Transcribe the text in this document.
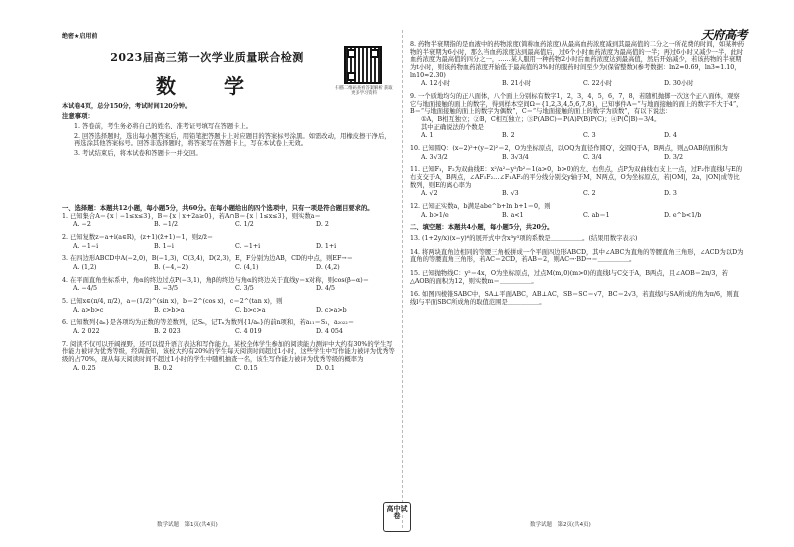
绝密★启用前
2023届高三第一次学业质量联合检测
数　学	扫描二维码查看答案解析 获取更多学习资料
本试卷4页，总分150分，考试时间120分钟。
注意事项：

1. 答卷前，考生务必将自己的姓名、准考证号填写在答题卡上。

2. 回答选择题时，选出每小题答案后，用铅笔把答题卡上对应题目的答案标号涂黑。如需改动，用橡皮擦干净后，再选涂其他答案标号。回答非选择题时，将答案写在答题卡上，写在本试卷上无效。

3. 考试结束后，将本试卷和答题卡一并交回。

一、选择题：本题共12小题，每小题5分，共60分。在每小题给出的四个选项中，只有一项是符合题目要求的。

1. 已知集合A＝{x｜−1≤x≤3}，B＝{x｜x+2a≥0}，若A∩B＝{x｜1≤x≤3}，则实数a＝

A. −2	B. −1/2	C. 1/2	D. 2

2. 已知复数z＝a+i(a∈R)，(z+1)(z̄+1)＝1，则z/z̄＝

A. −1−i	B. 1−i	C. −1+i	D. 1+i

3. 在四边形ABCD中A(−2,0)，B(−1,3)，C(3,4)，D(2,3)，E，F分别为边AB，CD的中点，则EF→＝

A. (1,2)	B. (−4,−2)	C. (4,1)	D. (4,2)

4. 在平面直角坐标系中，角α的终边过点P(−3,1)，角β的终边与角α的终边关于直线y＝x对称，则cos(β−α)＝

A. −4/5	B. −3/5	C. 3/5	D. 4/5

5. 已知x∈(π/4, π/2)，a＝(1/2)^(sin x)，b＝2^(cos x)，c＝2^(tan x)，则

A. a>b>c	B. c>b>a	C. b>c>a	D. c>a>b

6. 已知数列{aₙ}是各项均为正数的等差数列，记Sₙ，记Tₙ为数列{1/aₙ}的前n项和，若a₁₁＝S₁，a₂₀₂₂＝

A. 2 022	B. 2 023	C. 4 019	D. 4 054

7. 阅读不仅可以开阔视野，还可以提升语言表达和写作能力。某校全体学生参加的阅读能力测评中大约有30%的学生写作能力被评为优秀等级，经调查知，该校大约有20%的学生每天阅读时间超过1小时，这些学生中写作能力被评为优秀等级的占70%，现从每天阅读时间不超过1小时的学生中随机抽查一名，该生写作能力被评为优秀等级的概率为

A. 0.25	B. 0.2	C. 0.15	D. 0.1
数学试题　第1页(共4页)
天府高考

8. 药物半衰期指的是血液中的药物浓度(简称血药浓度)从最高血药浓度减到其最高值的二分之一所花费的时间，如某种药物的半衰期为6小时，那么当血药浓度达到最高值后，过6个小时血药浓度为最高值的一半；再过6小时又减少一半，此时血药浓度为最高值的四分之一，……某人服用一种药物2小时后血药浓度达到最高值，然后开始减少，若该药物的半衰期为t小时，则该药物血药浓度开始低于最高值的3%时的服药时间至少为(保留整数)(参考数据：ln2≈0.69，ln3≈1.10，ln10≈2.30)

A. 12小时	B. 21小时	C. 22小时	D. 30小时

9. 一个质地均匀的正八面体，八个面上分别标有数字1，2，3，4，5，6，7，8，若随机抛掷一次这个正八面体，观察它与地面接触的面上的数字，得到样本空间Ω＝{1,2,3,4,5,6,7,8}，已知事件A＝“与地面接触的面上的数字不大于4”，B＝“与地面接触的面上的数字为偶数”，C＝“与地面接触的面上的数字为质数”，有以下说法：

①A，B相互独立；②B，C相互独立；③P(ABC)＝P(A)P(B)P(C)；④P(C̄|B)＝3/4。

其中正确说法的个数是

A. 1	B. 2	C. 3	D. 4

10. 已知圆Q：(x−2)²+(y−2)²＝2，O为坐标原点，以OQ为直径作圆Q′，交圆Q于A，B两点，则△OAB的面积为

A. 3√3/2	B. 3√3/4	C. 3/4	D. 3/2

11. 已知F₁，F₂为双曲线E：x²/a²−y²/b²＝1(a>0，b>0)的左、右焦点，点P为双曲线右支上一点，过F₂作直线l与E的右支交于A，B两点，∠AF₁F₂…∠F₁AF₂的平分线分别交y轴于M，N两点，O为坐标原点，若|OM|，2a，|ON|成等比数列，则E的离心率为

A. √2	B. √3	C. 2	D. 3

12. 已知正实数a，b满足abe^b+ln b+1＝0，则

A. b>1/e	B. a<1	C. ab＝1	D. e^b<1/b

二、填空题：本题共4小题，每小题5分，共20分。

13. (1+2y/x)(x−y)⁶的展开式中含x³y³项的系数是＿＿＿＿＿。(结果用数字表示)

14. 将两块直角边相同的等腰三角板拼成一个平面四边形ABCD，其中∠ABC为直角的等腰直角三角形，∠ACD为以D为直角的等腰直角三角形，若AC＝2CD，若AB＝2，则AC→·BD→＝＿＿＿＿＿。

15. 已知抛物线C：y²＝4x，O为坐标原点，过点M(m,0)(m>0)的直线l与C交于A，B两点，且∠AOB＝2π/3，若△AOB的面积为12，则实数m＝＿＿＿＿＿。

16. 如图四棱锥SABC中，SA⊥平面ABC，AB⊥AC，SB＝SC＝√7，BC＝2√3，若直线l与SA所成的角为π/6，则直线l与平面SBC所成角的取值范围是＿＿＿＿＿。

数学试题　第2页(共4页)
高中试卷
